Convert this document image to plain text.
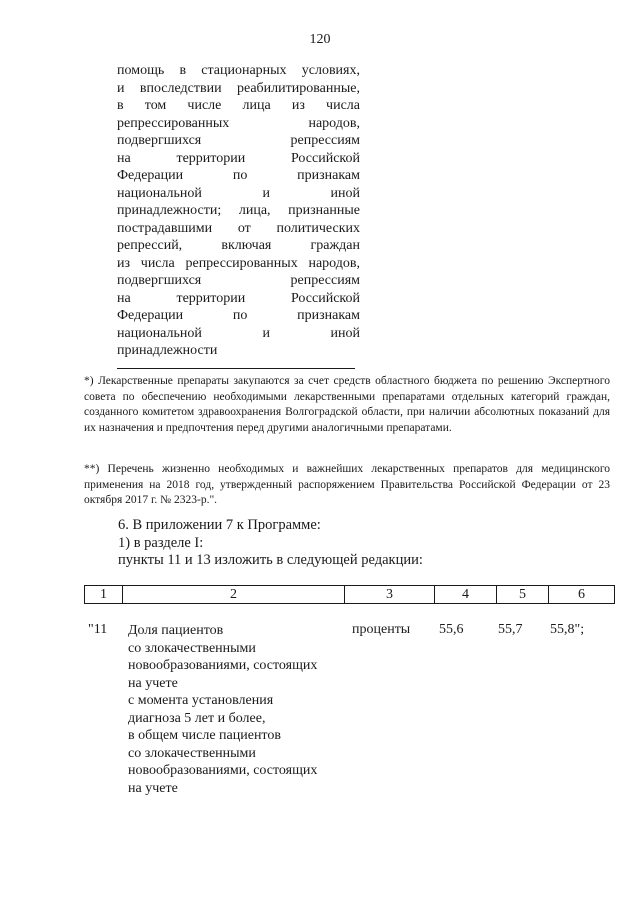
120
помощь в стационарных условиях,
и впоследствии реабилитированные,
в том числе лица из числа
репрессированных народов,
подвергшихся репрессиям
на территории Российской
Федерации по признакам
национальной и иной
принадлежности; лица, признанные
пострадавшими от политических
репрессий, включая граждан
из числа репрессированных народов,
подвергшихся репрессиям
на территории Российской
Федерации по признакам
национальной и иной
принадлежности
*) Лекарственные препараты закупаются за счет средств областного бюджета по решению Экспертного совета по обеспечению необходимыми лекарственными препаратами отдельных категорий граждан, созданного комитетом здравоохранения Волгоградской области, при наличии абсолютных показаний для их назначения и предпочтения перед другими аналогичными препаратами.
**) Перечень жизненно необходимых и важнейших лекарственных препаратов для медицинского применения на 2018 год, утвержденный распоряжением Правительства Российской Федерации от 23 октября 2017 г. № 2323-р.".
6. В приложении 7 к Программе:
1) в разделе I:
пункты 11 и 13 изложить в следующей редакции:
1	2	3	4	5	6
"11 Доля пациентов
со злокачественными
новообразованиями, состоящих
на учете
с момента установления
диагноза 5 лет и более,
в общем числе пациентов
со злокачественными
новообразованиями, состоящих
на учете
проценты 55,6 55,7 55,8";
